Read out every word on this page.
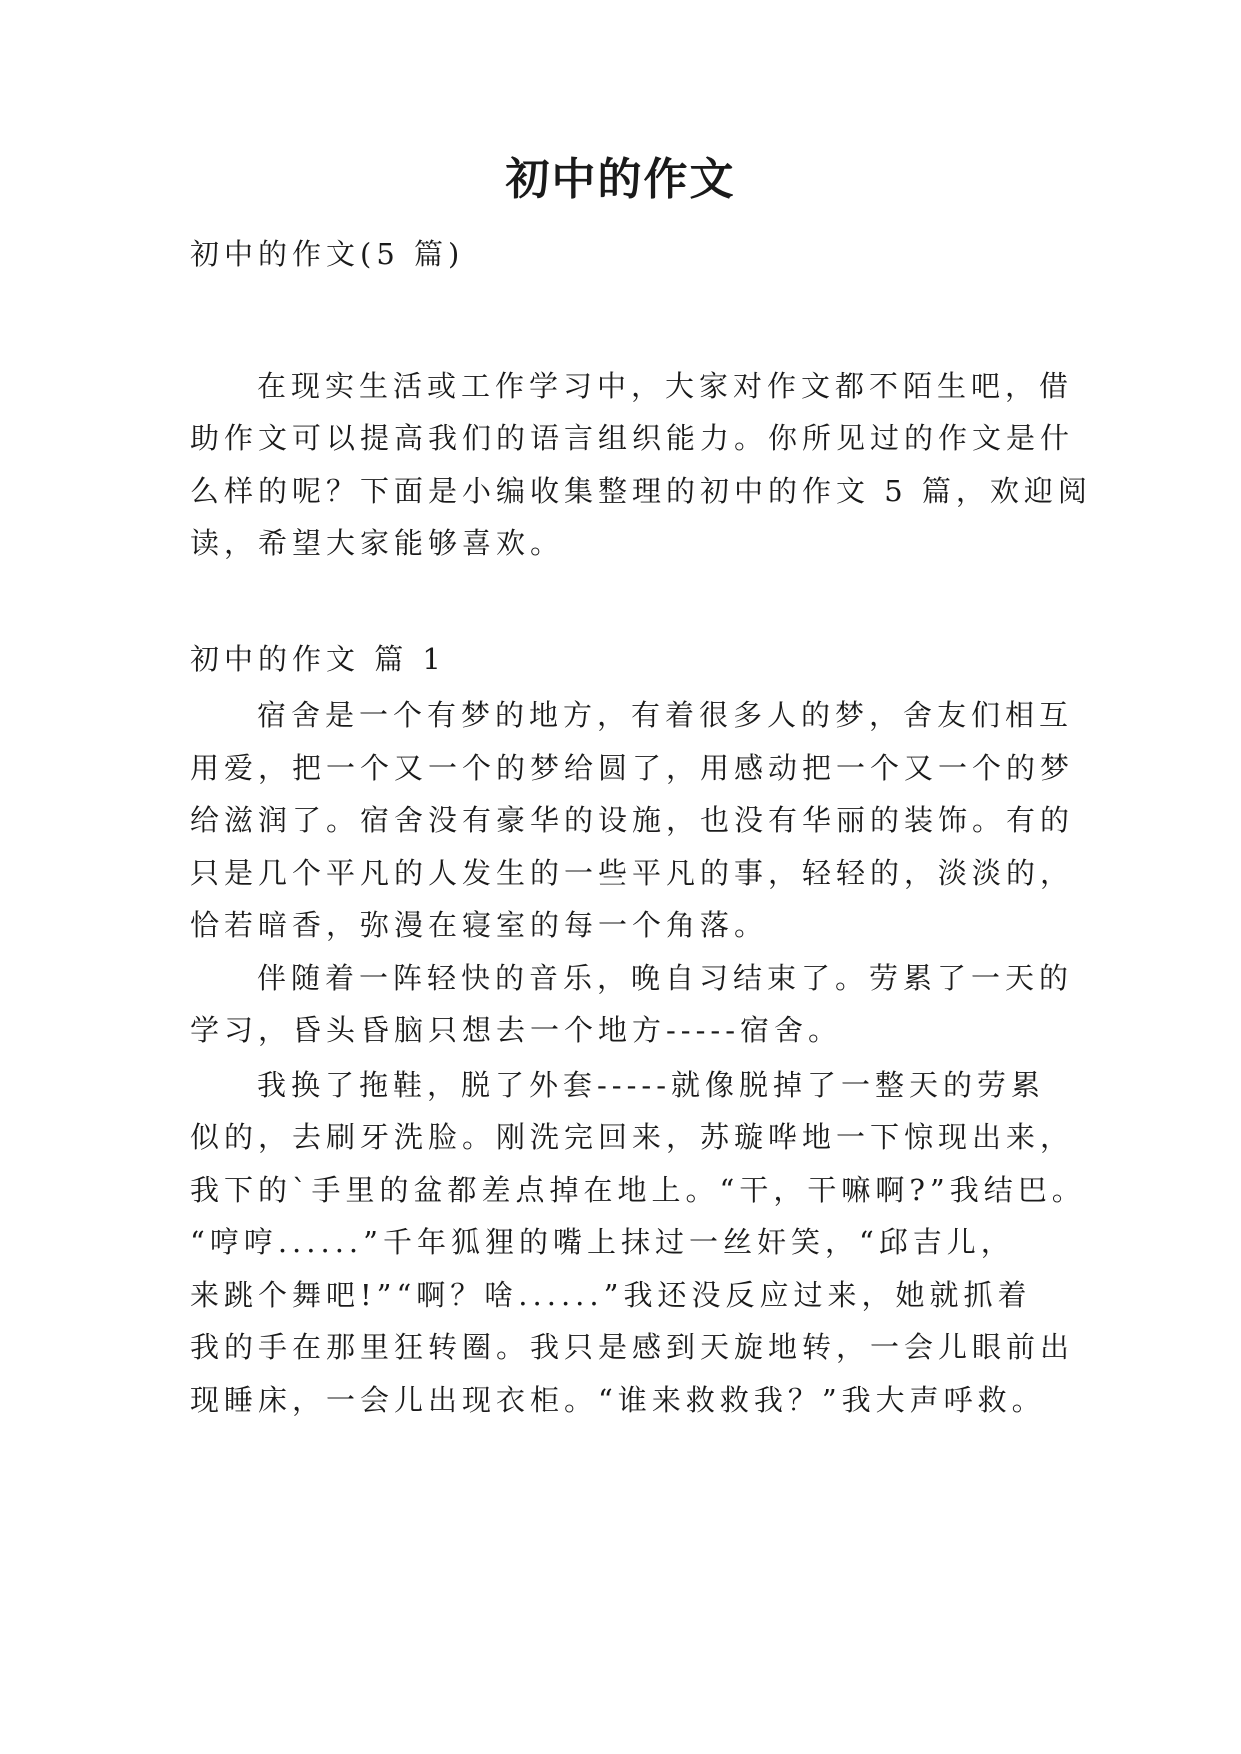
初中的作文
初中的作文(5 篇)
在现实生活或工作学习中，大家对作文都不陌生吧，借
助作文可以提高我们的语言组织能力。你所见过的作文是什
么样的呢？下面是小编收集整理的初中的作文 5 篇，欢迎阅
读，希望大家能够喜欢。
初中的作文 篇 1
宿舍是一个有梦的地方，有着很多人的梦，舍友们相互
用爱，把一个又一个的梦给圆了，用感动把一个又一个的梦
给滋润了。宿舍没有豪华的设施，也没有华丽的装饰。有的
只是几个平凡的人发生的一些平凡的事，轻轻的，淡淡的，
恰若暗香，弥漫在寝室的每一个角落。
伴随着一阵轻快的音乐，晚自习结束了。劳累了一天的
学习，昏头昏脑只想去一个地方-----宿舍。
我换了拖鞋，脱了外套-----就像脱掉了一整天的劳累
似的，去刷牙洗脸。刚洗完回来，苏璇哗地一下惊现出来，
我下的`手里的盆都差点掉在地上。“干，干嘛啊?”我结巴。
“哼哼......”千年狐狸的嘴上抹过一丝奸笑，“邱吉儿，
来跳个舞吧!”“啊？啥......”我还没反应过来，她就抓着
我的手在那里狂转圈。我只是感到天旋地转，一会儿眼前出
现睡床，一会儿出现衣柜。“谁来救救我？”我大声呼救。
